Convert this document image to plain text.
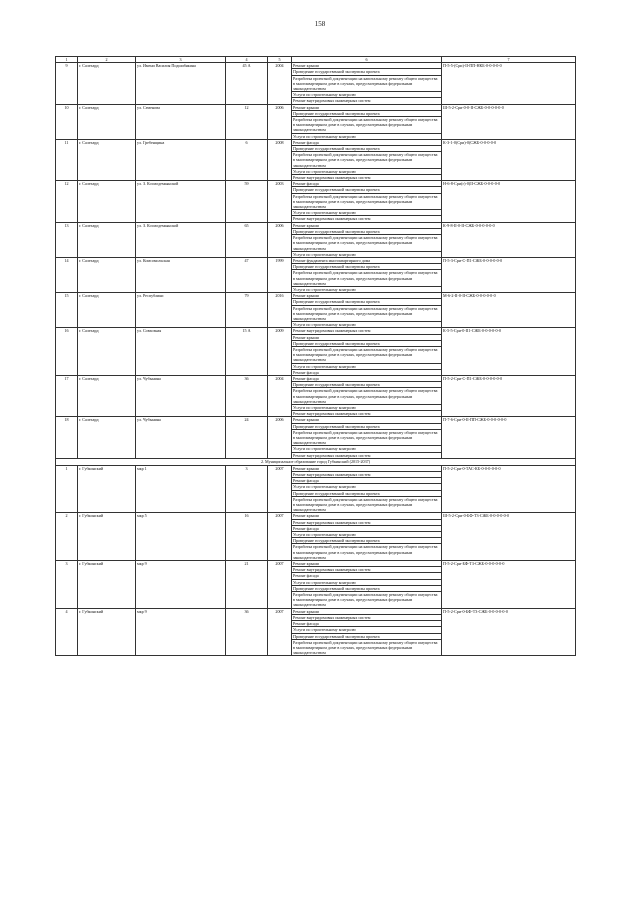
158
1	2	3	4	5	6	7
9	г. Салехард	ул. Имени Василия Подшибякина	45 А	2004	Ремонт крыши	П-5-5-(Сри)-II-ПП-НКБ-0-0-0-0-0
					Проведение государственной экспертизы проекта	
					Разработка проектной документации на капитальному ремонту общего имущества в многоквартирном доме в случаях, предусмотренных федеральным законодательством	
					Услуги по строительному контролю	
					Ремонт внутридомовых инженерных систем	
10	г. Салехард	ул. Семенова	12	2006	Ремонт крыши	Ш-5-2-Сри-0-0-II-СЖБ-0-0-0-0-0-0
					Проведение государственной экспертизы проекта	
					Разработка проектной документации на капитальному ремонту общего имущества в многоквартирном доме в случаях, предусмотренных федеральным законодательством	
					Услуги по строительному контролю	
11	г. Салехард	ул. Гребенщина	6	2008	Ремонт фасада	К-3-1-0(Сри)-0(СЖБ-0-0-0-0-0
					Проведение государственной экспертизы проекта	
					Разработка проектной документации на капитальному ремонту общего имущества в многоквартирном доме в случаях, предусмотренных федеральным законодательством	
					Услуги по строительному контролю	
					Ремонт внутридомовых инженерных систем	
12	г. Салехард	ул. З. Космодемьянской	59	2003	Ремонт фасада	Н-6-8-Сри(г)-0(II-СЖБ-0-0-0-0-0
					Проведение государственной экспертизы проекта	
					Разработка проектной документации на капитальному ремонту общего имущества в многоквартирном доме в случаях, предусмотренных федеральным законодательством	
					Услуги по строительному контролю	
					Ремонт внутридомовых инженерных систем	
13	г. Салехард	ул. З. Космодемьянской	65	2006	Ремонт крыши	К-9-8-II-0-II-СЖБ-0-0-0-0-0-0
					Проведение государственной экспертизы проекта	
					Разработка проектной документации на капитальному ремонту общего имущества в многоквартирном доме в случаях, предусмотренных федеральным законодательством	
					Услуги по строительному контролю	
14	г. Салехард	ул. Комсомольская	47	1999	Ремонт фундамента многоквартирного дома	П-5-3-Сри-С-П1-СЖБ-0-0-0-0-0-0
					Проведение государственной экспертизы проекта	
					Разработка проектной документации на капитальному ремонту общего имущества в многоквартирном доме в случаях, предусмотренных федеральным законодательством	
					Услуги по строительному контролю	
15	г. Салехард	ул. Республики	79	2016	Ремонт крыши	М-6-2-II-0-II-СЖБ-0-0-0-0-0-0
					Проведение государственной экспертизы проекта	
					Разработка проектной документации на капитальному ремонту общего имущества в многоквартирном доме в случаях, предусмотренных федеральным законодательством	
					Услуги по строительному контролю	
16	г. Салехард	ул. Совхозная	15 А	2009	Ремонт внутридомовых инженерных систем	К-5-5-Сри-0-II1-СЖБ-0-0-0-0-0-0
					Ремонт крыши	
					Проведение государственной экспертизы проекта	
					Разработка проектной документации на капитальному ремонту общего имущества в многоквартирном доме в случаях, предусмотренных федеральным законодательством	
					Услуги по строительному контролю	
					Ремонт фасада	
17	г. Салехард	ул. Чубынина	36	2004	Ремонт фасада	П-5-2-Сри-С-П1-СЖБ-0-0-0-0-0-0
					Проведение государственной экспертизы проекта	
					Разработка проектной документации на капитальному ремонту общего имущества в многоквартирном доме в случаях, предусмотренных федеральным законодательством	
					Услуги по строительному контролю	
					Ремонт внутридомовых инженерных систем	
18	г. Салехард	ул. Чубынина	24	2006	Ремонт крыши	П-7-6-Сри-0-II-ПП-СЖБ-0-0-0-0-0-0
					Проведение государственной экспертизы проекта	
					Разработка проектной документации на капитальному ремонту общего имущества в многоквартирном доме в случаях, предусмотренных федеральным законодательством	
					Услуги по строительному контролю	
					Ремонт внутридомовых инженерных систем	
2. Муниципальное образование город Губкинский (2015-2037)						
1	г. Губкинский	мкр 1	3	2007	Ремонт крыши	П-5-2-Сри-0-ТАС-КБ-0-0-0-0-0-0
					Ремонт внутридомовых инженерных систем	
					Ремонт фасада	
					Услуги по строительному контролю	
					Проведение государственной экспертизы проекта	
					Разработка проектной документации на капитальному ремонту общего имущества в многоквартирном доме в случаях, предусмотренных федеральным законодательством	
2	г. Губкинский	мкр 5	16	2007	Ремонт крыши	Ш-5-2-Сри-0-БФ-Т3-СЖБ-0-0-0-0-0-0
					Ремонт внутридомовых инженерных систем	
					Ремонт фасада	
					Услуги по строительному контролю	
					Проведение государственной экспертизы проекта	
					Разработка проектной документации на капитальному ремонту общего имущества в многоквартирном доме в случаях, предусмотренных федеральным законодательством	
3	г. Губкинский	мкр 9	21	2007	Ремонт крыши	П-5-2-Сри-БФ-Т3-СЖБ-0-0-0-0-0-0
					Ремонт внутридомовых инженерных систем	
					Ремонт фасада	
					Услуги по строительному контролю	
					Проведение государственной экспертизы проекта	
					Разработка проектной документации на капитальному ремонту общего имущества в многоквартирном доме в случаях, предусмотренных федеральным законодательством	
4	г. Губкинский	мкр 9	36	2007	Ремонт крыши	П-5-2-Сри-0-БФ-Т3-СЖБ-0-0-0-0-0-0
					Ремонт внутридомовых инженерных систем	
					Ремонт фасада	
					Услуги по строительному контролю	
					Проведение государственной экспертизы проекта	
					Разработка проектной документации на капитальному ремонту общего имущества в многоквартирном доме в случаях, предусмотренных федеральным законодательством	
